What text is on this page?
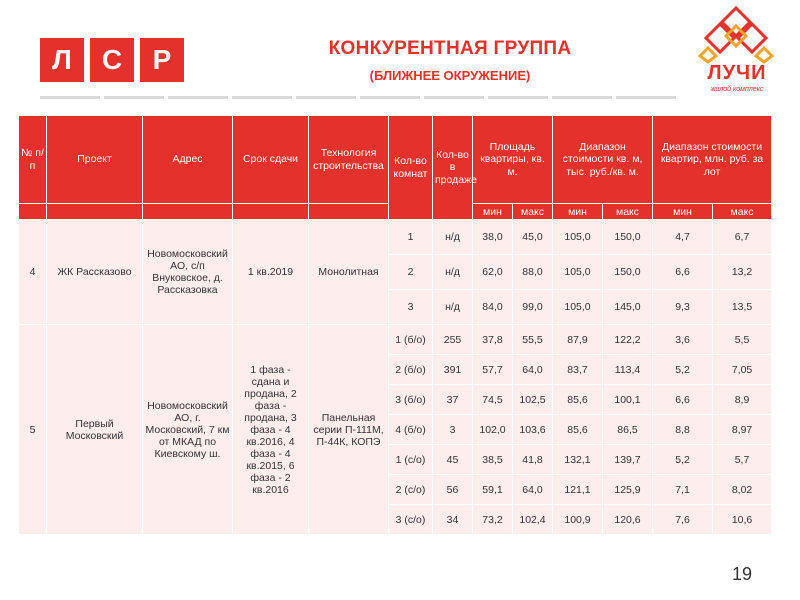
Л	С	Р	КОНКУРЕНТНАЯ ГРУППА
(БЛИЖНЕЕ ОКРУЖЕНИЕ)	ЛУЧИ
жилой комплекс
№ п/п	Проект	Адрес	Срок сдачи	Технология строительства	Кол-во комнат	Кол-во в продаже	Площадь квартиры, кв. м.		Диапазон стоимости кв. м, тыс. руб./кв. м.		Диапазон стоимости квартир, млн. руб. за лот	
							мин	макс	мин	макс	мин	макс
4	ЖК Рассказово	Новомосковский АО, с/п Внуковское, д. Рассказовка	1 кв.2019	Монолитная	1	н/д	38,0	45,0	105,0	150,0	4,7	6,7
					2	н/д	62,0	88,0	105,0	150,0	6,6	13,2
					3	н/д	84,0	99,0	105,0	145,0	9,3	13,5
5	Первый Московский	Новомосковский АО, г. Московский, 7 км от МКАД по Киевскому ш.	1 фаза - сдана и продана, 2 фаза - продана, 3 фаза - 4 кв.2016, 4 фаза - 4 кв.2015, 6 фаза - 2 кв.2016	Панельная серии П-111М, П-44К, КОПЭ	1 (б/о)	255	37,8	55,5	87,9	122,2	3,6	5,5
					2 (б/о)	391	57,7	64,0	83,7	113,4	5,2	7,05
					3 (б/о)	37	74,5	102,5	85,6	100,1	6,6	8,9
					4 (б/о)	3	102,0	103,6	85,6	86,5	8,8	8,97
					1 (с/о)	45	38,5	41,8	132,1	139,7	5,2	5,7
					2 (с/о)	56	59,1	64,0	121,1	125,9	7,1	8,02
					3 (с/о)	34	73,2	102,4	100,9	120,6	7,6	10,6
19
